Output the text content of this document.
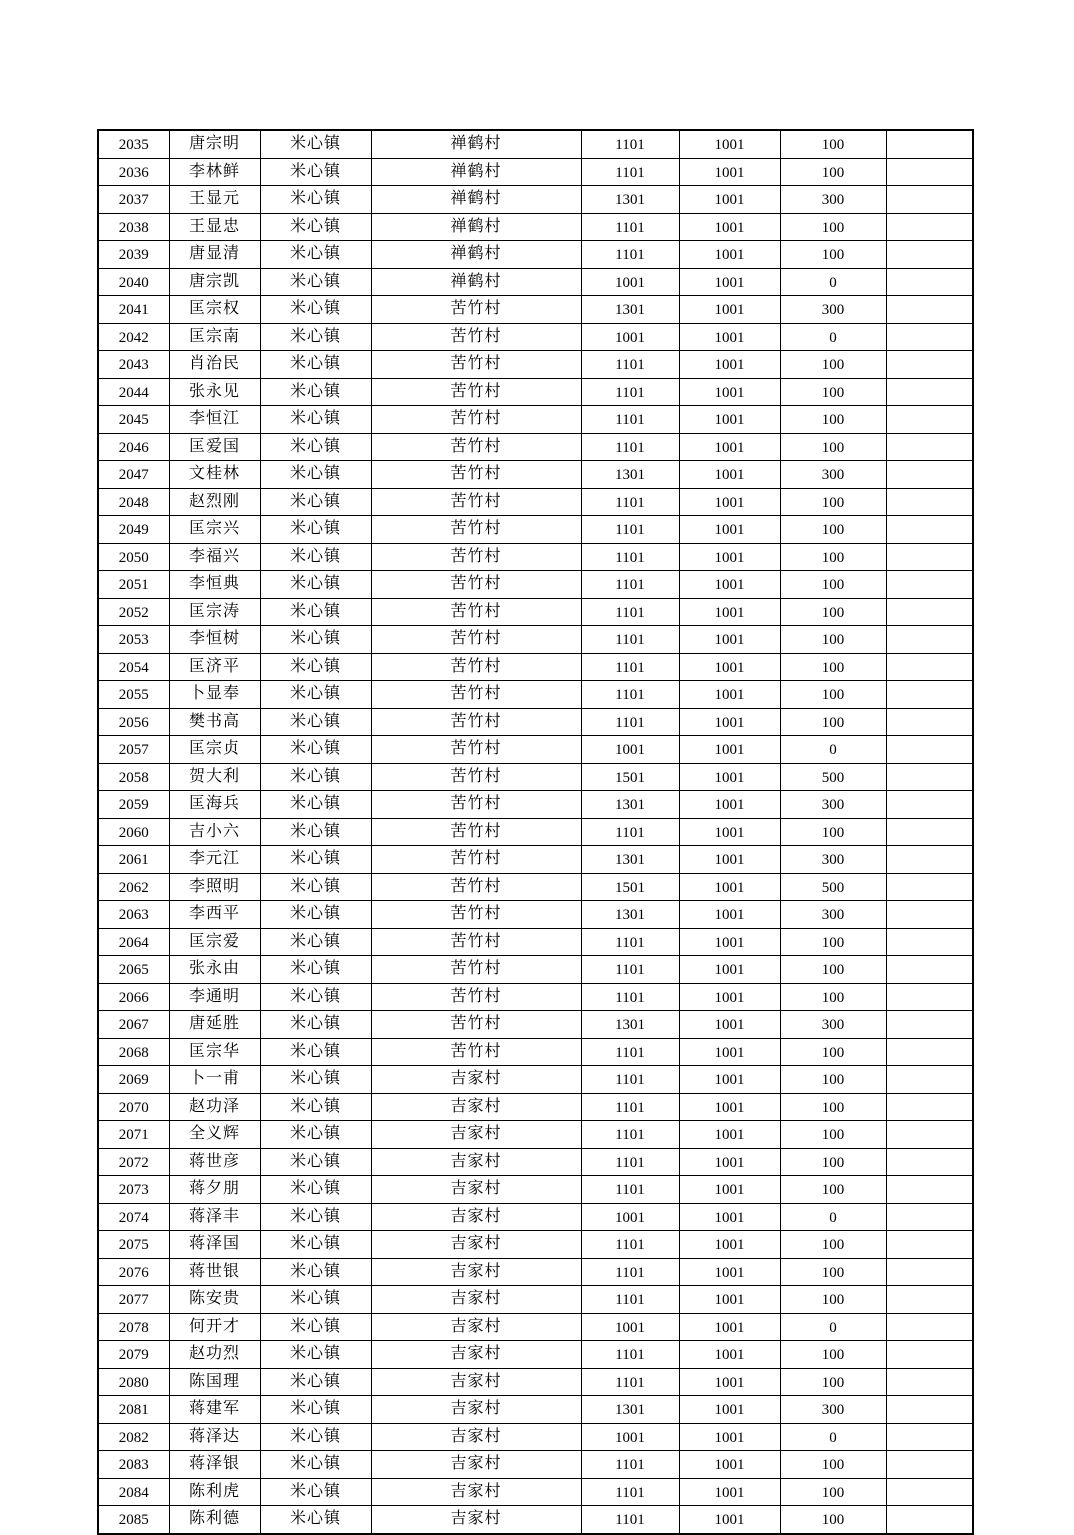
2035	唐宗明	米心镇	禅鹤村	1101	1001	100	
2036	李林鲜	米心镇	禅鹤村	1101	1001	100	
2037	王显元	米心镇	禅鹤村	1301	1001	300	
2038	王显忠	米心镇	禅鹤村	1101	1001	100	
2039	唐显清	米心镇	禅鹤村	1101	1001	100	
2040	唐宗凯	米心镇	禅鹤村	1001	1001	0	
2041	匡宗权	米心镇	苦竹村	1301	1001	300	
2042	匡宗南	米心镇	苦竹村	1001	1001	0	
2043	肖治民	米心镇	苦竹村	1101	1001	100	
2044	张永见	米心镇	苦竹村	1101	1001	100	
2045	李恒江	米心镇	苦竹村	1101	1001	100	
2046	匡爱国	米心镇	苦竹村	1101	1001	100	
2047	文桂林	米心镇	苦竹村	1301	1001	300	
2048	赵烈刚	米心镇	苦竹村	1101	1001	100	
2049	匡宗兴	米心镇	苦竹村	1101	1001	100	
2050	李福兴	米心镇	苦竹村	1101	1001	100	
2051	李恒典	米心镇	苦竹村	1101	1001	100	
2052	匡宗涛	米心镇	苦竹村	1101	1001	100	
2053	李恒树	米心镇	苦竹村	1101	1001	100	
2054	匡济平	米心镇	苦竹村	1101	1001	100	
2055	卜显奉	米心镇	苦竹村	1101	1001	100	
2056	樊书高	米心镇	苦竹村	1101	1001	100	
2057	匡宗贞	米心镇	苦竹村	1001	1001	0	
2058	贺大利	米心镇	苦竹村	1501	1001	500	
2059	匡海兵	米心镇	苦竹村	1301	1001	300	
2060	吉小六	米心镇	苦竹村	1101	1001	100	
2061	李元江	米心镇	苦竹村	1301	1001	300	
2062	李照明	米心镇	苦竹村	1501	1001	500	
2063	李西平	米心镇	苦竹村	1301	1001	300	
2064	匡宗爱	米心镇	苦竹村	1101	1001	100	
2065	张永由	米心镇	苦竹村	1101	1001	100	
2066	李通明	米心镇	苦竹村	1101	1001	100	
2067	唐延胜	米心镇	苦竹村	1301	1001	300	
2068	匡宗华	米心镇	苦竹村	1101	1001	100	
2069	卜一甫	米心镇	吉家村	1101	1001	100	
2070	赵功泽	米心镇	吉家村	1101	1001	100	
2071	全义辉	米心镇	吉家村	1101	1001	100	
2072	蒋世彦	米心镇	吉家村	1101	1001	100	
2073	蒋夕朋	米心镇	吉家村	1101	1001	100	
2074	蒋泽丰	米心镇	吉家村	1001	1001	0	
2075	蒋泽国	米心镇	吉家村	1101	1001	100	
2076	蒋世银	米心镇	吉家村	1101	1001	100	
2077	陈安贵	米心镇	吉家村	1101	1001	100	
2078	何开才	米心镇	吉家村	1001	1001	0	
2079	赵功烈	米心镇	吉家村	1101	1001	100	
2080	陈国理	米心镇	吉家村	1101	1001	100	
2081	蒋建军	米心镇	吉家村	1301	1001	300	
2082	蒋泽达	米心镇	吉家村	1001	1001	0	
2083	蒋泽银	米心镇	吉家村	1101	1001	100	
2084	陈利虎	米心镇	吉家村	1101	1001	100	
2085	陈利德	米心镇	吉家村	1101	1001	100	
